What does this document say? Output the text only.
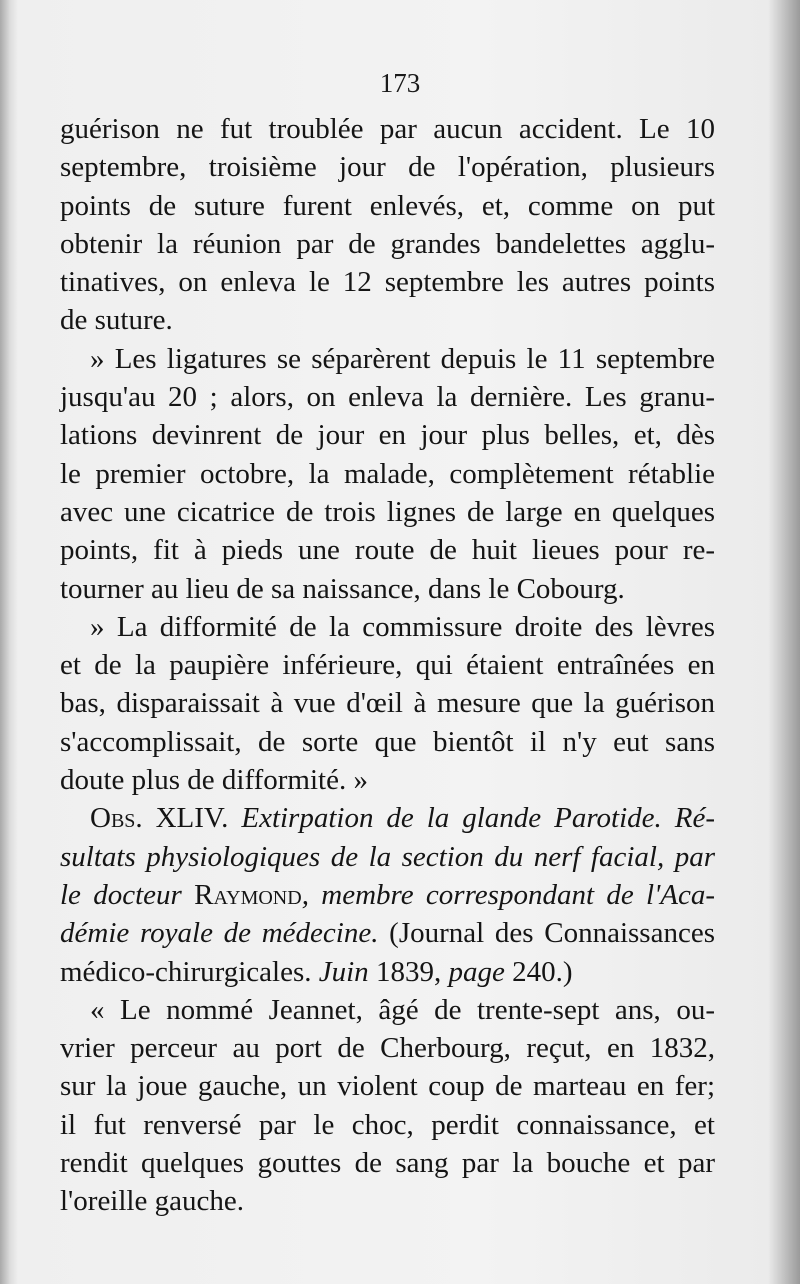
173
guérison ne fut troublée par aucun accident. Le 10
septembre, troisième jour de l'opération, plusieurs
points de suture furent enlevés, et, comme on put
obtenir la réunion par de grandes bandelettes agglu-
tinatives, on enleva le 12 septembre les autres points
de suture.
» Les ligatures se séparèrent depuis le 11 septembre
jusqu'au 20 ; alors, on enleva la dernière. Les granu-
lations devinrent de jour en jour plus belles, et, dès
le premier octobre, la malade, complètement rétablie
avec une cicatrice de trois lignes de large en quelques
points, fit à pieds une route de huit lieues pour re-
tourner au lieu de sa naissance, dans le Cobourg.
» La difformité de la commissure droite des lèvres
et de la paupière inférieure, qui étaient entraînées en
bas, disparaissait à vue d'œil à mesure que la guérison
s'accomplissait, de sorte que bientôt il n'y eut sans
doute plus de difformité. »
Obs. XLIV. Extirpation de la glande Parotide. Ré-
sultats physiologiques de la section du nerf facial, par
le docteur Raymond, membre correspondant de l'Aca-
démie royale de médecine. (Journal des Connaissances
médico-chirurgicales. Juin 1839, page 240.)
« Le nommé Jeannet, âgé de trente-sept ans, ou-
vrier perceur au port de Cherbourg, reçut, en 1832,
sur la joue gauche, un violent coup de marteau en fer;
il fut renversé par le choc, perdit connaissance, et
rendit quelques gouttes de sang par la bouche et par
l'oreille gauche.
